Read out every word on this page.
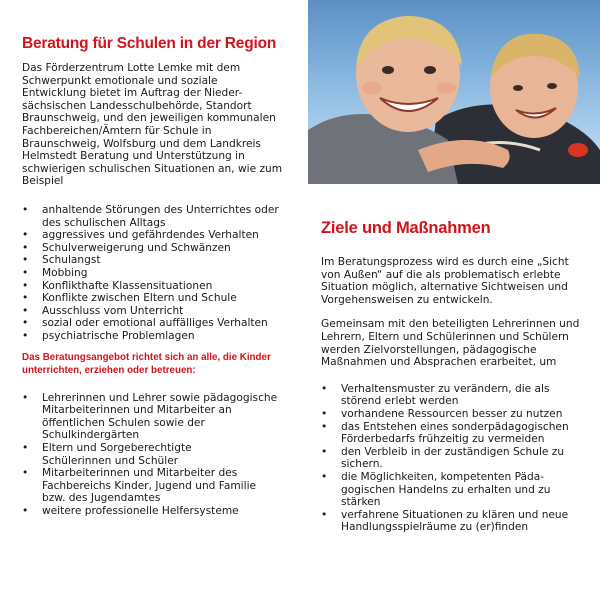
Beratung für Schulen in der Region

Das Förderzentrum Lotte Lemke mit dem
Schwerpunkt emotionale und soziale
Entwicklung bietet im Auftrag der Nieder-
sächsischen Landesschulbehörde, Standort
Braunschweig, und den jeweiligen kommunalen
Fachbereichen/Ämtern für Schule in
Braunschweig, Wolfsburg und dem Landkreis
Helmstedt Beratung und Unterstützung in
schwierigen schulischen Situationen an, wie zum
Beispiel

• anhaltende Störungen des Unterrichtes oder
des schulischen Alltags
• aggressives und gefährdendes Verhalten
• Schulverweigerung und Schwänzen
• Schulangst
• Mobbing
• Konflikthafte Klassensituationen
• Konflikte zwischen Eltern und Schule
• Ausschluss vom Unterricht
• sozial oder emotional auffälliges Verhalten
• psychiatrische Problemlagen

Das Beratungsangebot richtet sich an alle, die Kinder
unterrichten, erziehen oder betreuen:

• Lehrerinnen und Lehrer sowie pädagogische
Mitarbeiterinnen und Mitarbeiter an
öffentlichen Schulen sowie der
Schulkindergärten
• Eltern und Sorgeberechtigte
Schülerinnen und Schüler
• Mitarbeiterinnen und Mitarbeiter des
Fachbereichs Kinder, Jugend und Familie
bzw. des Jugendamtes
• weitere professionelle Helfersysteme
Ziele und Maßnahmen

Im Beratungsprozess wird es durch eine „Sicht
von Außen“ auf die als problematisch erlebte
Situation möglich, alternative Sichtweisen und
Vorgehensweisen zu entwickeln.

Gemeinsam mit den beteiligten Lehrerinnen und
Lehrern, Eltern und Schülerinnen und Schülern
werden Zielvorstellungen, pädagogische
Maßnahmen und Absprachen erarbeitet, um

• Verhaltensmuster zu verändern, die als
störend erlebt werden
• vorhandene Ressourcen besser zu nutzen
• das Entstehen eines sonderpädagogischen
Förderbedarfs frühzeitig zu vermeiden
• den Verbleib in der zuständigen Schule zu
sichern.
• die Möglichkeiten, kompetenten Päda-
gogischen Handelns zu erhalten und zu
stärken
• verfahrene Situationen zu klären und neue
Handlungsspielräume zu (er)finden
